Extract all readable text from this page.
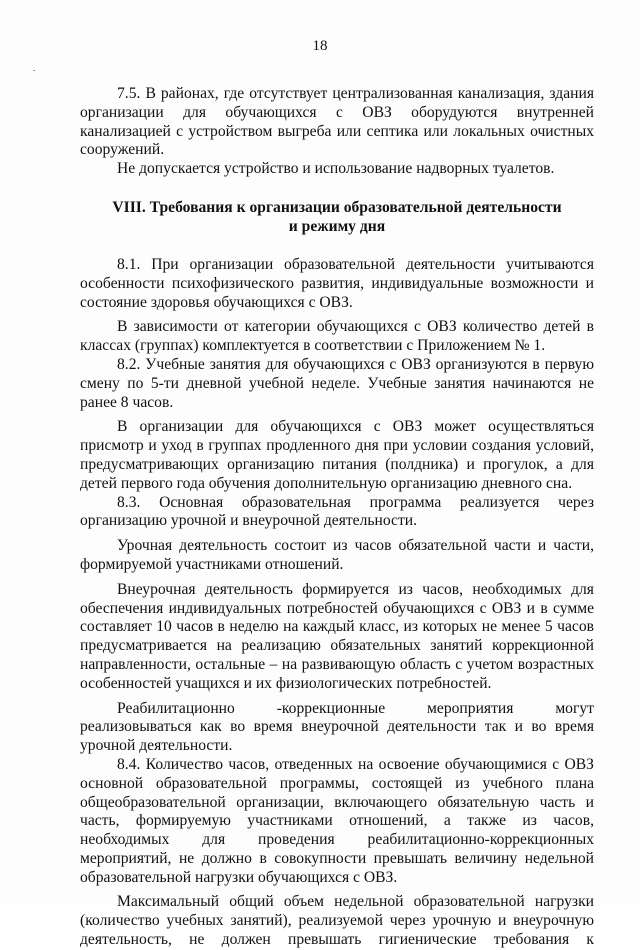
18

7.5. В районах, где отсутствует централизованная канализация, здания организации для обучающихся с ОВЗ оборудуются внутренней канализацией с устройством выгреба или септика или локальных очистных сооружений.

Не допускается устройство и использование надворных туалетов.

VIII. Требования к организации образовательной деятельности и режиму дня

8.1. При организации образовательной деятельности учитываются особенности психофизического развития, индивидуальные возможности и состояние здоровья обучающихся с ОВЗ.

В зависимости от категории обучающихся с ОВЗ количество детей в классах (группах) комплектуется в соответствии с Приложением № 1.

8.2. Учебные занятия для обучающихся с ОВЗ организуются в первую смену по 5-ти дневной учебной неделе. Учебные занятия начинаются не ранее 8 часов.

В организации для обучающихся с ОВЗ может осуществляться присмотр и уход в группах продленного дня при условии создания условий, предусматривающих организацию питания (полдника) и прогулок, а для детей первого года обучения дополнительную организацию дневного сна.

8.3. Основная образовательная программа реализуется через организацию урочной и внеурочной деятельности.

Урочная деятельность состоит из часов обязательной части и части, формируемой участниками отношений.

Внеурочная деятельность формируется из часов, необходимых для обеспечения индивидуальных потребностей обучающихся с ОВЗ и в сумме составляет 10 часов в неделю на каждый класс, из которых не менее 5 часов предусматривается на реализацию обязательных занятий коррекционной направленности, остальные – на развивающую область с учетом возрастных особенностей учащихся и их физиологических потребностей.

Реабилитационно -коррекционные мероприятия могут реализовываться как во время внеурочной деятельности так и во время урочной деятельности.

8.4. Количество часов, отведенных на освоение обучающимися с ОВЗ основной образовательной программы, состоящей из учебного плана общеобразовательной организации, включающего обязательную часть и часть, формируемую участниками отношений, а также из часов, необходимых для проведения реабилитационно-коррекционных мероприятий, не должно в совокупности превышать величину недельной образовательной нагрузки обучающихся с ОВЗ.

Максимальный общий объем недельной образовательной нагрузки (количество учебных занятий), реализуемой через урочную и внеурочную деятельность, не должен превышать гигиенические требования к
